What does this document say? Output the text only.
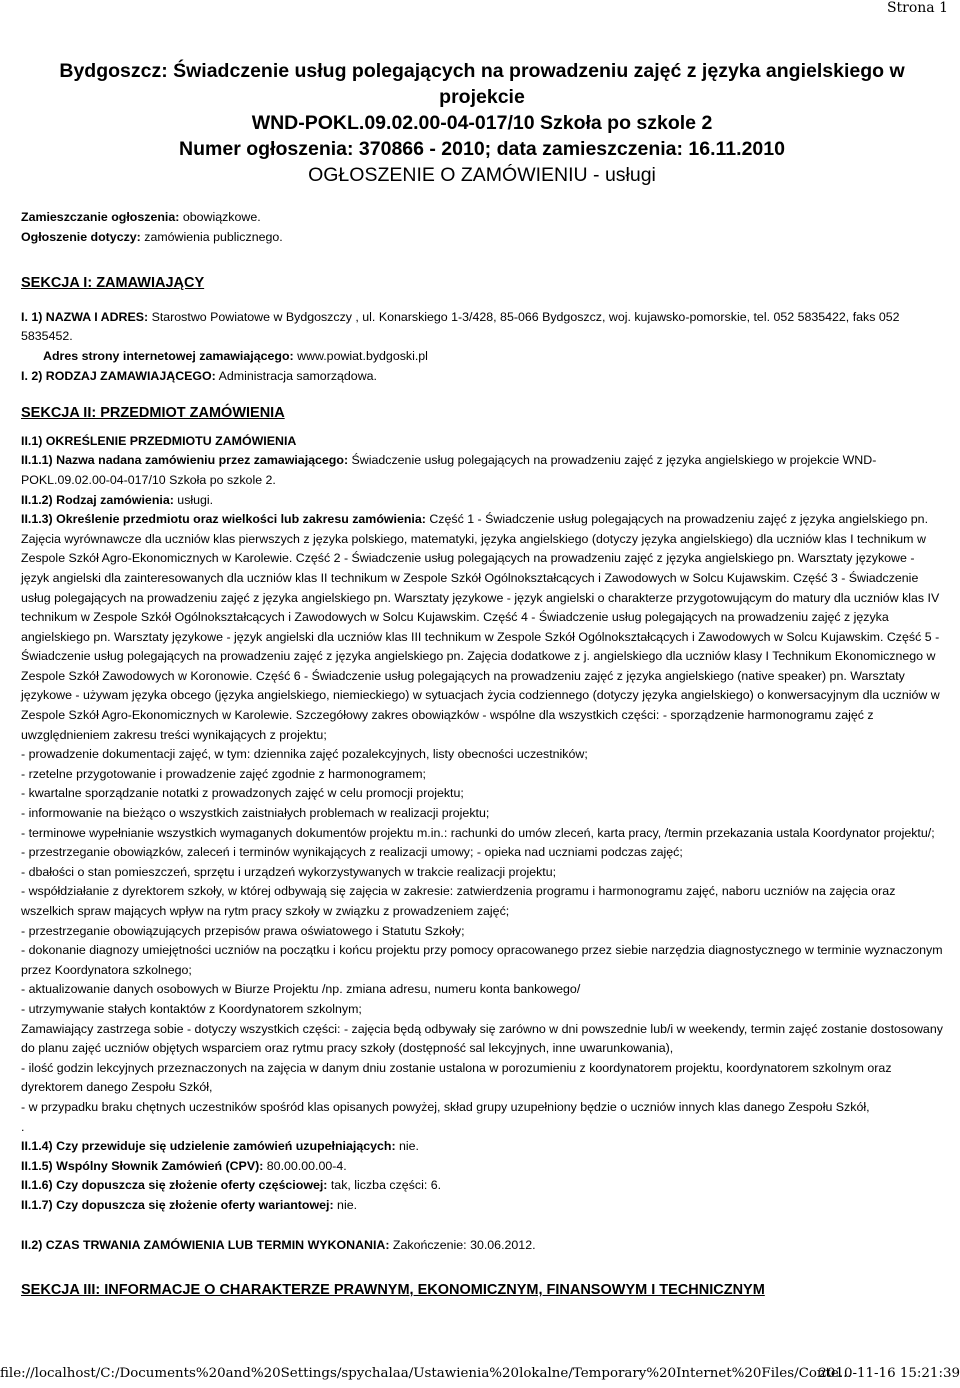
Strona 1
Bydgoszcz: Świadczenie usług polegających na prowadzeniu zajęć z języka angielskiego w projekcie
WND-POKL.09.02.00-04-017/10 Szkoła po szkole 2
Numer ogłoszenia: 370866 - 2010; data zamieszczenia: 16.11.2010
OGŁOSZENIE O ZAMÓWIENIU - usługi

Zamieszczanie ogłoszenia: obowiązkowe.

Ogłoszenie dotyczy: zamówienia publicznego.

SEKCJA I: ZAMAWIAJĄCY

I. 1) NAZWA I ADRES: Starostwo Powiatowe w Bydgoszczy , ul. Konarskiego 1-3/428, 85-066 Bydgoszcz, woj. kujawsko-pomorskie, tel. 052 5835422, faks 052 5835452.

Adres strony internetowej zamawiającego: www.powiat.bydgoski.pl

I. 2) RODZAJ ZAMAWIAJĄCEGO: Administracja samorządowa.

SEKCJA II: PRZEDMIOT ZAMÓWIENIA

II.1) OKREŚLENIE PRZEDMIOTU ZAMÓWIENIA

II.1.1) Nazwa nadana zamówieniu przez zamawiającego: Świadczenie usług polegających na prowadzeniu zajęć z języka angielskiego w projekcie WND-POKL.09.02.00-04-017/10 Szkoła po szkole 2.

II.1.2) Rodzaj zamówienia: usługi.

II.1.3) Określenie przedmiotu oraz wielkości lub zakresu zamówienia: Część 1 - Świadczenie usług polegających na prowadzeniu zajęć z języka angielskiego pn. Zajęcia wyrównawcze dla uczniów klas pierwszych z języka polskiego, matematyki, języka angielskiego (dotyczy języka angielskiego) dla uczniów klas I technikum w Zespole Szkół Agro-Ekonomicznych w Karolewie. Część 2 - Świadczenie usług polegających na prowadzeniu zajęć z języka angielskiego pn. Warsztaty językowe - język angielski dla zainteresowanych dla uczniów klas II technikum w Zespole Szkół Ogólnokształcących i Zawodowych w Solcu Kujawskim. Część 3 - Świadczenie usług polegających na prowadzeniu zajęć z języka angielskiego pn. Warsztaty językowe - język angielski o charakterze przygotowującym do matury dla uczniów klas IV technikum w Zespole Szkół Ogólnokształcących i Zawodowych w Solcu Kujawskim. Część 4 - Świadczenie usług polegających na prowadzeniu zajęć z języka angielskiego pn. Warsztaty językowe - język angielski dla uczniów klas III technikum w Zespole Szkół Ogólnokształcących i Zawodowych w Solcu Kujawskim. Część 5 - Świadczenie usług polegających na prowadzeniu zajęć z języka angielskiego pn. Zajęcia dodatkowe z j. angielskiego dla uczniów klasy I Technikum Ekonomicznego w Zespole Szkół Zawodowych w Koronowie. Część 6 - Świadczenie usług polegających na prowadzeniu zajęć z języka angielskiego (native speaker) pn. Warsztaty językowe - używam języka obcego (języka angielskiego, niemieckiego) w sytuacjach życia codziennego (dotyczy języka angielskiego) o konwersacyjnym dla uczniów w Zespole Szkół Agro-Ekonomicznych w Karolewie. Szczegółowy zakres obowiązków - wspólne dla wszystkich części: - sporządzenie harmonogramu zajęć z uwzględnieniem zakresu treści wynikających z projektu;

- prowadzenie dokumentacji zajęć, w tym: dziennika zajęć pozalekcyjnych, listy obecności uczestników;

- rzetelne przygotowanie i prowadzenie zajęć zgodnie z harmonogramem;

- kwartalne sporządzanie notatki z prowadzonych zajęć w celu promocji projektu;

- informowanie na bieżąco o wszystkich zaistniałych problemach w realizacji projektu;

- terminowe wypełnianie wszystkich wymaganych dokumentów projektu m.in.: rachunki do umów zleceń, karta pracy, /termin przekazania ustala Koordynator projektu/;

- przestrzeganie obowiązków, zaleceń i terminów wynikających z realizacji umowy; - opieka nad uczniami podczas zajęć;

- dbałości o stan pomieszczeń, sprzętu i urządzeń wykorzystywanych w trakcie realizacji projektu;

- współdziałanie z dyrektorem szkoły, w której odbywają się zajęcia w zakresie: zatwierdzenia programu i harmonogramu zajęć, naboru uczniów na zajęcia oraz wszelkich spraw mających wpływ na rytm pracy szkoły w związku z prowadzeniem zajęć;

- przestrzeganie obowiązujących przepisów prawa oświatowego i Statutu Szkoły;

- dokonanie diagnozy umiejętności uczniów na początku i końcu projektu przy pomocy opracowanego przez siebie narzędzia diagnostycznego w terminie wyznaczonym przez Koordynatora szkolnego;

- aktualizowanie danych osobowych w Biurze Projektu /np. zmiana adresu, numeru konta bankowego/

- utrzymywanie stałych kontaktów z Koordynatorem szkolnym;

Zamawiający zastrzega sobie - dotyczy wszystkich części: - zajęcia będą odbywały się zarówno w dni powszednie lub/i w weekendy, termin zajęć zostanie dostosowany do planu zajęć uczniów objętych wsparciem oraz rytmu pracy szkoły (dostępność sal lekcyjnych, inne uwarunkowania),

- ilość godzin lekcyjnych przeznaczonych na zajęcia w danym dniu zostanie ustalona w porozumieniu z koordynatorem projektu, koordynatorem szkolnym oraz dyrektorem danego Zespołu Szkół,

- w przypadku braku chętnych uczestników spośród klas opisanych powyżej, skład grupy uzupełniony będzie o uczniów innych klas danego Zespołu Szkół,

.

II.1.4) Czy przewiduje się udzielenie zamówień uzupełniających: nie.

II.1.5) Wspólny Słownik Zamówień (CPV): 80.00.00.00-4.

II.1.6) Czy dopuszcza się złożenie oferty częściowej: tak, liczba części: 6.

II.1.7) Czy dopuszcza się złożenie oferty wariantowej: nie.

II.2) CZAS TRWANIA ZAMÓWIENIA LUB TERMIN WYKONANIA: Zakończenie: 30.06.2012.

SEKCJA III: INFORMACJE O CHARAKTERZE PRAWNYM, EKONOMICZNYM, FINANSOWYM I TECHNICZNYM
file://localhost/C:/Documents%20and%20Settings/spychalaa/Ustawienia%20lokalne/Temporary%20Internet%20Files/Conte...
2010-11-16 15:21:39
